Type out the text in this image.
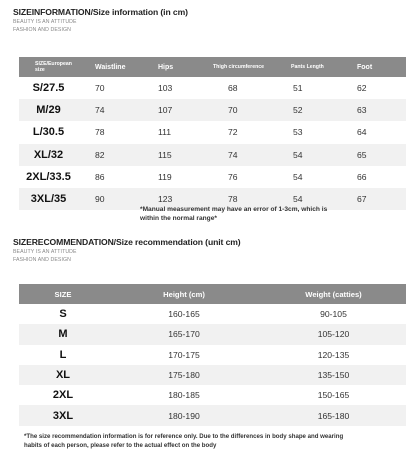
SIZEINFORMATION/Size information (in cm)
BEAUTY IS AN ATTITUDE
FASHION AND DESIGN
SIZE/European size	Waistline	Hips	Thigh circumference	Pants Length	Foot
S/27.5	70	103	68	51	62
M/29	74	107	70	52	63
L/30.5	78	111	72	53	64
XL/32	82	115	74	54	65
2XL/33.5	86	119	76	54	66
3XL/35	90	123	78	54	67
*Manual measurement may have an error of 1-3cm, which is within the normal range*
SIZERECOMMENDATION/Size recommendation (unit cm)
BEAUTY IS AN ATTITUDE
FASHION AND DESIGN
SIZE	Height (cm)	Weight (catties)
S	160-165	90-105
M	165-170	105-120
L	170-175	120-135
XL	175-180	135-150
2XL	180-185	150-165
3XL	180-190	165-180
*The size recommendation information is for reference only. Due to the differences in body shape and wearing habits of each person, please refer to the actual effect on the body
